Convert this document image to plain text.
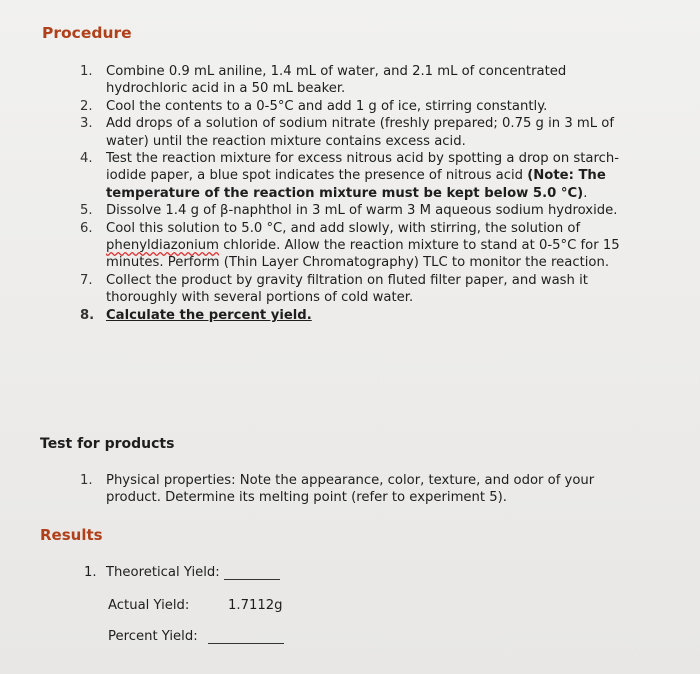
Procedure
1.	Combine 0.9 mL aniline, 1.4 mL of water, and 2.1 mL of concentrated hydrochloric acid in a 50 mL beaker.
2.	Cool the contents to a 0-5°C and add 1 g of ice, stirring constantly.
3.	Add drops of a solution of sodium nitrate (freshly prepared; 0.75 g in 3 mL of water) until the reaction mixture contains excess acid.
4.	Test the reaction mixture for excess nitrous acid by spotting a drop on starch-iodide paper, a blue spot indicates the presence of nitrous acid (Note: The temperature of the reaction mixture must be kept below 5.0 °C).
5.	Dissolve 1.4 g of β-naphthol in 3 mL of warm 3 M aqueous sodium hydroxide.
6.	Cool this solution to 5.0 °C, and add slowly, with stirring, the solution of phenyldiazonium chloride. Allow the reaction mixture to stand at 0-5°C for 15 minutes. Perform (Thin Layer Chromatography) TLC to monitor the reaction.
7.	Collect the product by gravity filtration on fluted filter paper, and wash it thoroughly with several portions of cold water.
8. Calculate the percent yield.
Test for products
1.	Physical properties: Note the appearance, color, texture, and odor of your product. Determine its melting point (refer to experiment 5).
Results
1. Theoretical Yield:
Actual Yield:	1.7112g
Percent Yield:
